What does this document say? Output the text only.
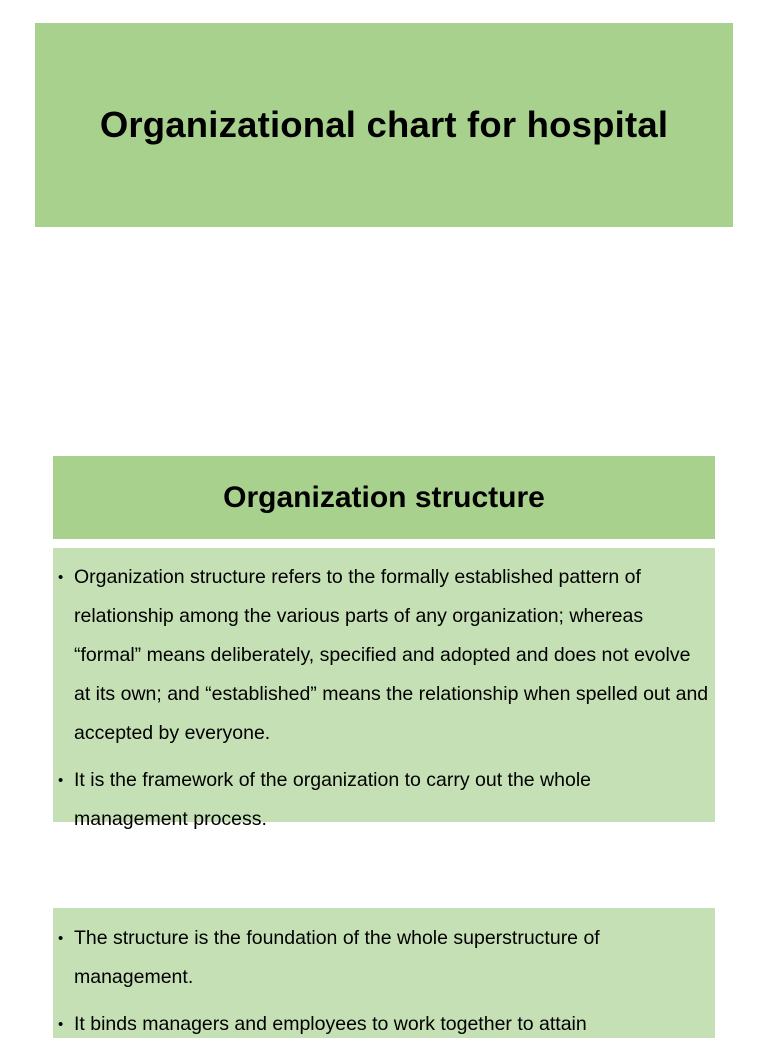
Organizational chart for hospital
Organization structure
• Organization structure refers to the formally established pattern of relationship among the various parts of any organization; whereas “formal” means deliberately, specified and adopted and does not evolve at its own; and “established” means the relationship when spelled out and accepted by everyone.
• It is the framework of the organization to carry out the whole management process.
• The structure is the foundation of the whole superstructure of management.
• It binds managers and employees to work together to attain
